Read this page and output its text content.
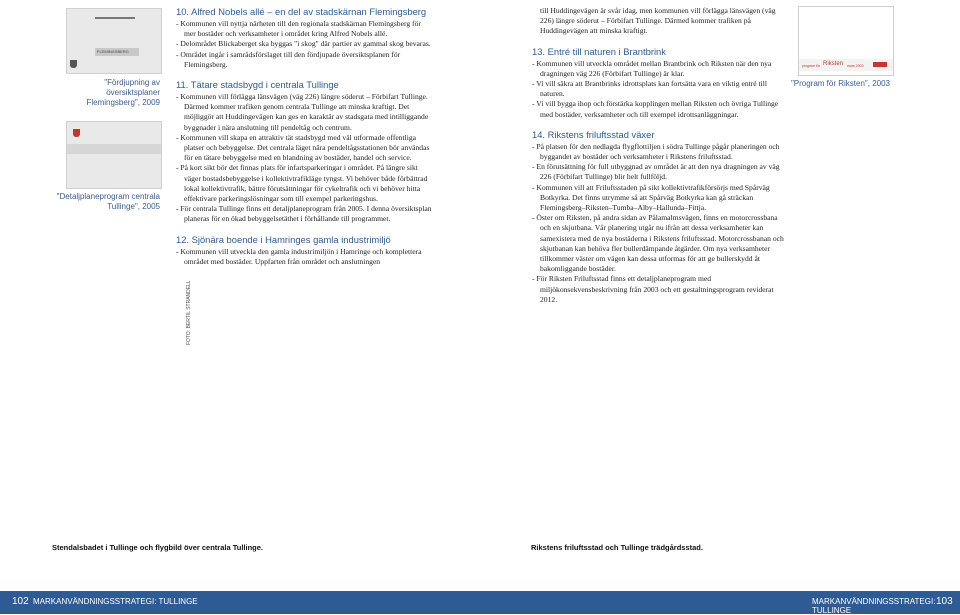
FLEMINGSBERG
"Fördjupning av översiktsplaner
Flemingsberg", 2009
"Detaljplaneprogram centrala
Tullinge", 2005
FOTO: BERTIL STRANDELL
10. Alfred Nobels allé – en del av stadskärnan Flemingsberg

- Kommunen vill nyttja närheten till den regionala stadskärnan Flemingsberg för mer bostäder och verksamheter i området kring Alfred Nobels allé.

- Delområdet Blickaberget ska byggas "i skog" där partier av gammal skog bevaras.

- Området ingår i samrådsförslaget till den fördjupade översiktsplanen för Flemingsberg.

11. Tätare stadsbygd i centrala Tullinge

- Kommunen vill förlägga länsvägen (väg 226) längre söderut – Förbifart Tullinge. Därmed kommer trafiken genom centrala Tullinge att minska kraftigt. Det möjliggör att Huddingevägen kan ges en karaktär av stadsgata med intilliggande byggnader i nära anslutning till pendeltåg och centrum.

- Kommunen vill skapa en attraktiv tät stadsbygd med väl utformade offentliga platser och bebyggelse. Det centrala läget nära pendeltågsstationen bör användas för en tätare bebyggelse med en blandning av bostäder, handel och service.

- På kort sikt bör det finnas plats för infartsparkeringar i området. På längre sikt väger bostadsbebyggelse i kollektivtrafikläge tyngst. Vi behöver både förbättrad lokal kollektivtrafik, bättre förutsättningar för cykeltrafik och vi behöver hitta effektivare parkeringslösningar som till exempel parkeringshus.

- För centrala Tullinge finns ett detaljplaneprogram från 2005. I denna översiktsplan planeras för en ökad bebyggelsetäthet i förhållande till programmet.

12. Sjönära boende i Hamringes gamla industrimiljö

- Kommunen vill utveckla den gamla industrimiljön i Hamringe och komplettera området med bostäder. Uppfarten från området och anslutningen

till Huddingevägen är svår idag, men kommunen vill förlägga länsvägen (väg 226) längre söderut – Förbifart Tullinge. Därmed kommer trafiken på Huddingevägen att minska kraftigt.

13. Entré till naturen i Brantbrink

- Kommunen vill utveckla området mellan Brantbrink och Riksten när den nya dragningen väg 226 (Förbifart Tullinge) är klar.

- Vi vill säkra att Brantbrinks idrottsplats kan fortsätta vara en viktig entré till naturen.

- Vi vill bygga ihop och förstärka kopplingen mellan Riksten och övriga Tullinge med bostäder, verksamheter och till exempel idrottsanläggningar.

14. Rikstens friluftsstad växer

- På platsen för den nedlagda flygflottiljen i södra Tullinge pågår planeringen och byggandet av bostäder och verksamheter i Rikstens friluftsstad.

- En förutsättning för full utbyggnad av området är att den nya dragningen av väg 226 (Förbifart Tullinge) blir helt fullföljd.

- Kommunen vill att Friluftsstaden på sikt kollektivtrafikförsörjs med Spårväg Botkyrka. Det finns utrymme så att Spårväg Botkyrka kan gå sträckan Flemingsberg–Riksten–Tumba–Alby–Hallunda–Fittja.

- Öster om Riksten, på andra sidan av Pålamalmsvägen, finns en motorcrossbana och en skjutbana. Vår planering utgår nu ifrån att dessa verksamheter kan samexistera med de nya bostäderna i Rikstens friluftsstad. Motorcrossbanan och skjutbanan kan behöva fler bullerdämpande åtgärder. Om nya verksamheter tillkommer väster om vägen kan dessa utformas för att ge bullerskydd åt bakomliggande bostäder.

- För Riksten Friluftsstad finns ett detaljplaneprogram med miljökonsekvensbeskrivning från 2003 och ett gestaltningsprogram reviderat 2012.

program för Riksten mars 2003
"Program för Riksten", 2003
Stendalsbadet i Tullinge och flygbild över centrala Tullinge.	Rikstens friluftsstad och Tullinge trädgårdsstad.
102 MARKANVÄNDNINGSSTRATEGI: TULLINGE	MARKANVÄNDNINGSSTRATEGI: TULLINGE
103
